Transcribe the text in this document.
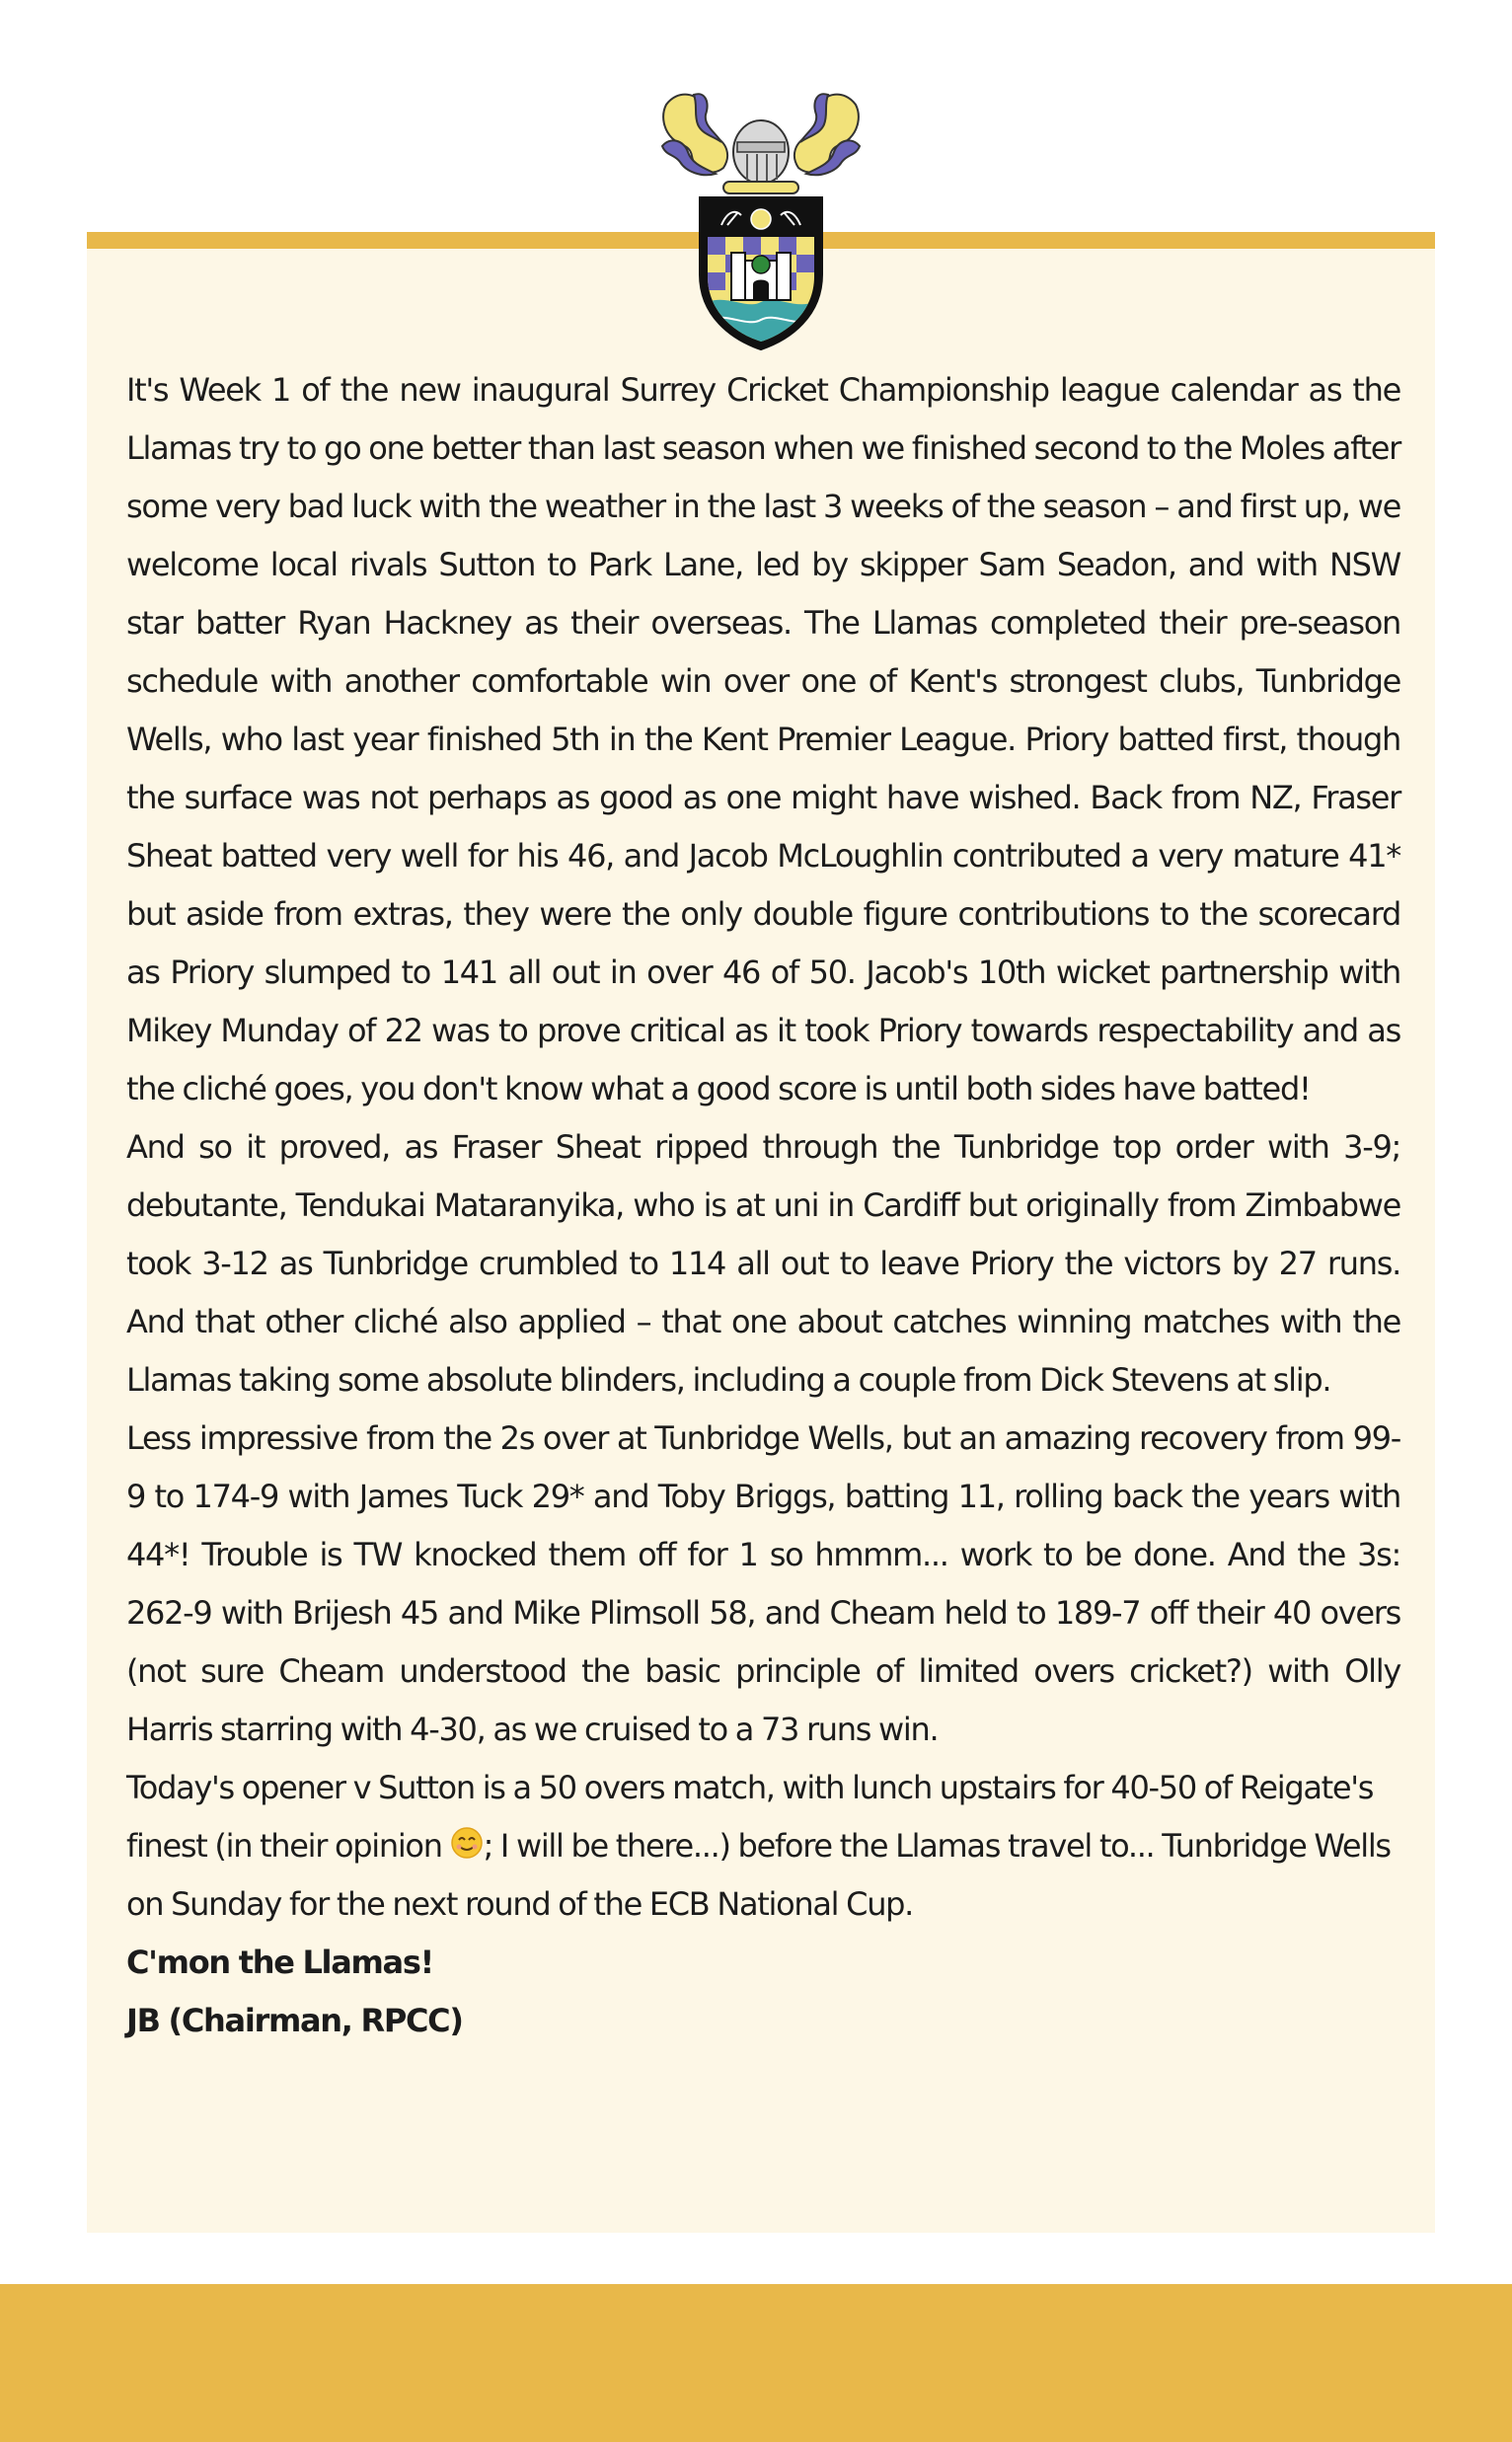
It's Week 1 of the new inaugural Surrey Cricket Championship league calendar as the Llamas try to go one better than last season when we finished second to the Moles after some very bad luck with the weather in the last 3 weeks of the season – and first up, we welcome local rivals Sutton to Park Lane, led by skipper Sam Seadon, and with NSW star batter Ryan Hackney as their overseas. The Llamas completed their pre-season schedule with another comfortable win over one of Kent's strongest clubs, Tunbridge Wells, who last year finished 5th in the Kent Premier League. Priory batted first, though the surface was not perhaps as good as one might have wished. Back from NZ, Fraser Sheat batted very well for his 46, and Jacob McLoughlin contributed a very mature 41* but aside from extras, they were the only double figure contributions to the scorecard as Priory slumped to 141 all out in over 46 of 50. Jacob's 10th wicket partnership with Mikey Munday of 22 was to prove critical as it took Priory towards respectability and as the cliché goes, you don't know what a good score is until both sides have batted!

And so it proved, as Fraser Sheat ripped through the Tunbridge top order with 3-9; debutante, Tendukai Mataranyika, who is at uni in Cardiff but originally from Zimbabwe took 3-12 as Tunbridge crumbled to 114 all out to leave Priory the victors by 27 runs. And that other cliché also applied – that one about catches winning matches with the Llamas taking some absolute blinders, including a couple from Dick Stevens at slip.

Less impressive from the 2s over at Tunbridge Wells, but an amazing recovery from 99-9 to 174-9 with James Tuck 29* and Toby Briggs, batting 11, rolling back the years with 44*! Trouble is TW knocked them off for 1 so hmmm... work to be done. And the 3s: 262-9 with Brijesh 45 and Mike Plimsoll 58, and Cheam held to 189-7 off their 40 overs (not sure Cheam understood the basic principle of limited overs cricket?) with Olly Harris starring with 4-30, as we cruised to a 73 runs win.

Today's opener v Sutton is a 50 overs match, with lunch upstairs for 40-50 of Reigate's finest (in their opinion ; I will be there...) before the Llamas travel to... Tunbridge Wells on Sunday for the next round of the ECB National Cup.

C'mon the Llamas!

JB (Chairman, RPCC)
